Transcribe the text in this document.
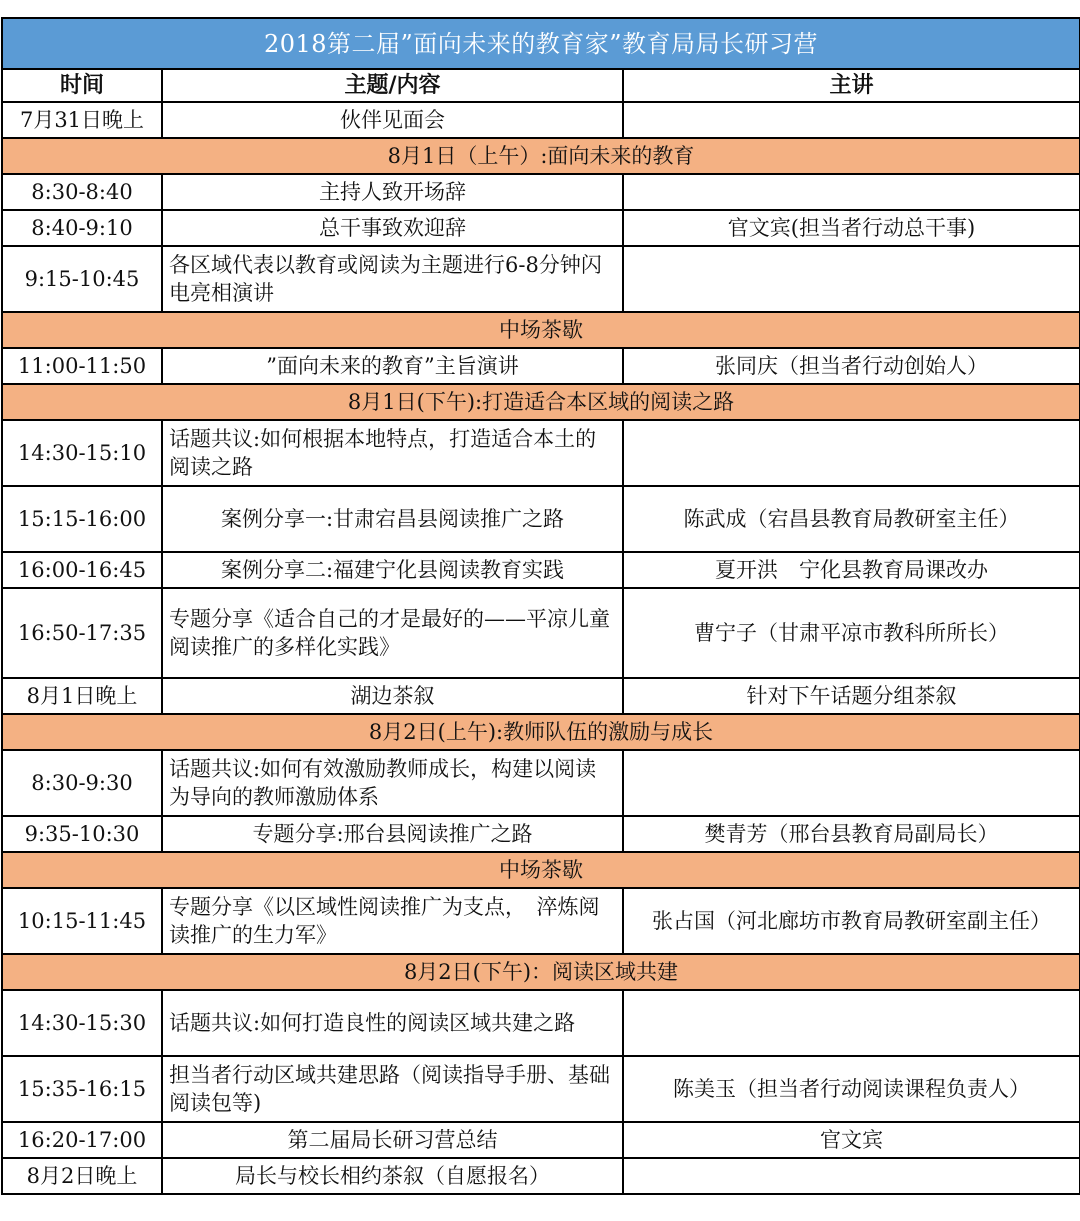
2018第二届”面向未来的教育家”教育局局长研习营		
时间	主题/内容	主讲
7月31日晚上	伙伴见面会	
8月1日（上午）:面向未来的教育		
8:30-8:40	主持人致开场辞	
8:40-9:10	总干事致欢迎辞	官文宾(担当者行动总干事)
9:15-10:45	各区域代表以教育或阅读为主题进行6-8分钟闪电亮相演讲	
中场茶歇		
11:00-11:50	”面向未来的教育”主旨演讲	张同庆（担当者行动创始人）
8月1日(下午):打造适合本区域的阅读之路		
14:30-15:10	话题共议:如何根据本地特点，打造适合本土的阅读之路	
15:15-16:00	案例分享一:甘肃宕昌县阅读推广之路	陈武成（宕昌县教育局教研室主任）
16:00-16:45	案例分享二:福建宁化县阅读教育实践	夏开洪　宁化县教育局课改办
16:50-17:35	专题分享《适合自己的才是最好的——平凉儿童阅读推广的多样化实践》	曹宁子（甘肃平凉市教科所所长）
8月1日晚上	湖边茶叙	针对下午话题分组茶叙
8月2日(上午):教师队伍的激励与成长		
8:30-9:30	话题共议:如何有效激励教师成长，构建以阅读为导向的教师激励体系	
9:35-10:30	专题分享:邢台县阅读推广之路	樊青芳（邢台县教育局副局长）
中场茶歇		
10:15-11:45	专题分享《以区域性阅读推广为支点，　淬炼阅读推广的生力军》	张占国（河北廊坊市教育局教研室副主任）
8月2日(下午)：阅读区域共建		
14:30-15:30	话题共议:如何打造良性的阅读区域共建之路	
15:35-16:15	担当者行动区域共建思路（阅读指导手册、基础阅读包等)	陈美玉（担当者行动阅读课程负责人）
16:20-17:00	第二届局长研习营总结	官文宾
8月2日晚上	局长与校长相约茶叙（自愿报名）	
